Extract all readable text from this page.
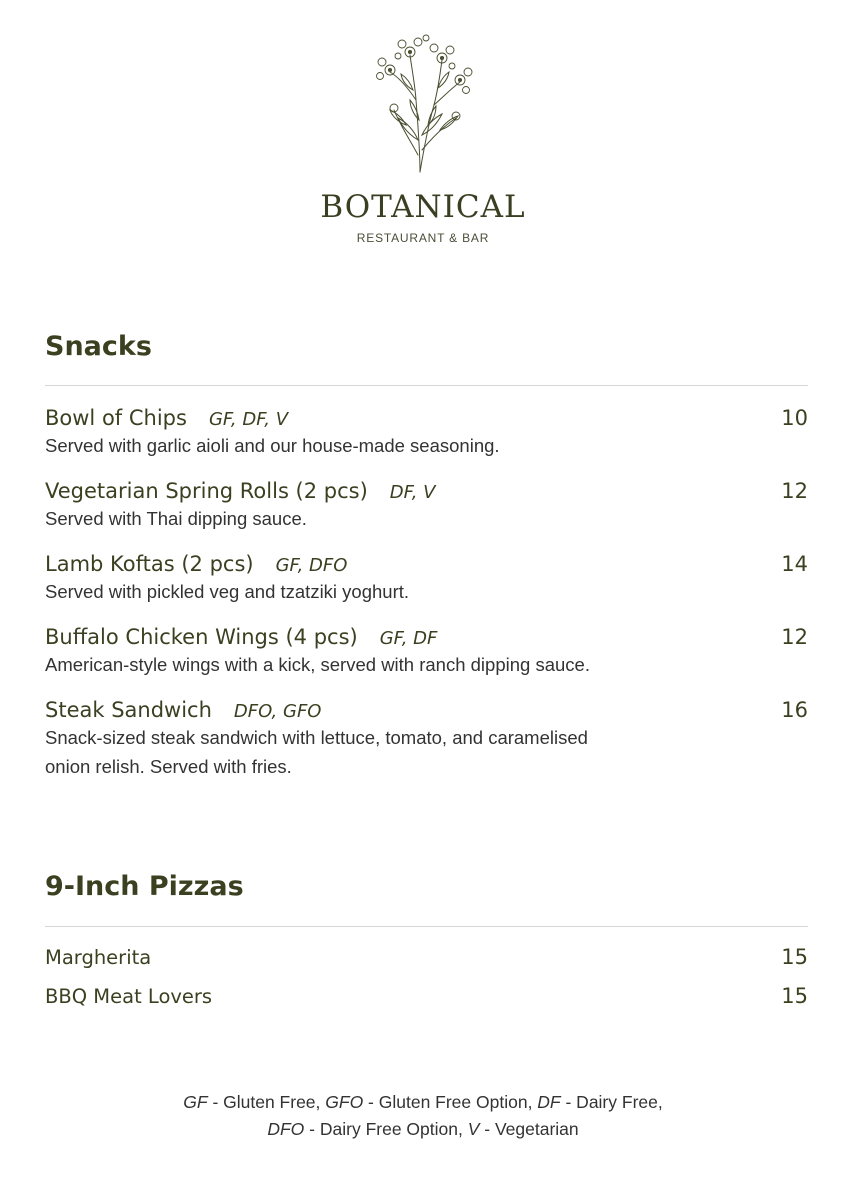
BOTANICAL
RESTAURANT & BAR
Snacks
Bowl of Chips GF, DF, V	10
Served with garlic aioli and our house-made seasoning.
Vegetarian Spring Rolls (2 pcs) DF, V	12
Served with Thai dipping sauce.
Lamb Koftas (2 pcs) GF, DFO	14
Served with pickled veg and tzatziki yoghurt.
Buffalo Chicken Wings (4 pcs) GF, DF	12
American-style wings with a kick, served with ranch dipping sauce.
Steak Sandwich DFO, GFO	16
Snack-sized steak sandwich with lettuce, tomato, and caramelised
onion relish. Served with fries.
9-Inch Pizzas
Margherita	15
BBQ Meat Lovers	15
GF - Gluten Free, GFO - Gluten Free Option, DF - Dairy Free,
DFO - Dairy Free Option, V - Vegetarian
